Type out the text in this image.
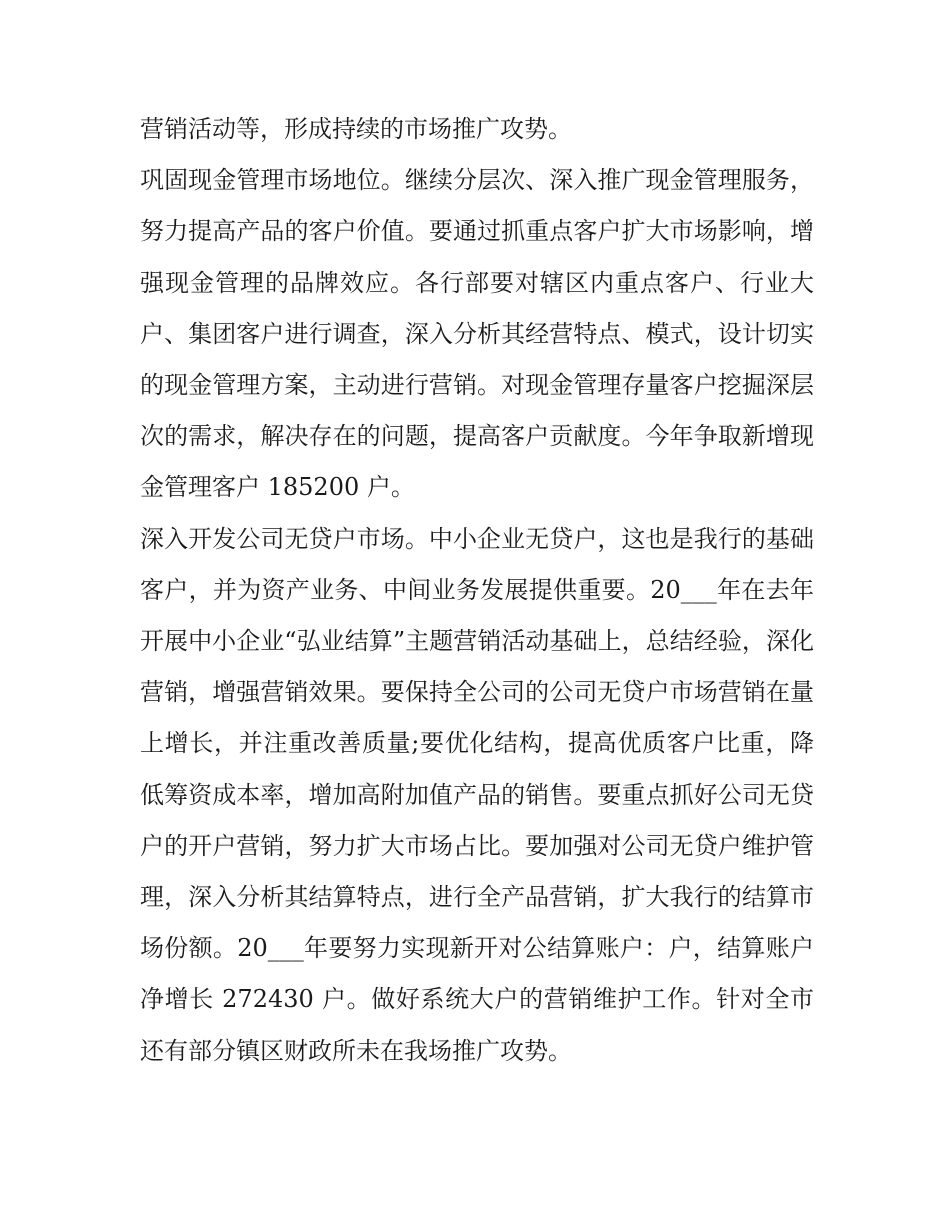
营销活动等，形成持续的市场推广攻势。

巩固现金管理市场地位。继续分层次、深入推广现金管理服务，努力提高产品的客户价值。要通过抓重点客户扩大市场影响，增强现金管理的品牌效应。各行部要对辖区内重点客户、行业大户、集团客户进行调查，深入分析其经营特点、模式，设计切实的现金管理方案，主动进行营销。对现金管理存量客户挖掘深层次的需求，解决存在的问题，提高客户贡献度。今年争取新增现金管理客户 185200 户。

深入开发公司无贷户市场。中小企业无贷户，这也是我行的基础客户，并为资产业务、中间业务发展提供重要。20___年在去年开展中小企业“弘业结算”主题营销活动基础上，总结经验，深化营销，增强营销效果。要保持全公司的公司无贷户市场营销在量上增长，并注重改善质量;要优化结构，提高优质客户比重，降低筹资成本率，增加高附加值产品的销售。要重点抓好公司无贷户的开户营销，努力扩大市场占比。要加强对公司无贷户维护管理，深入分析其结算特点，进行全产品营销，扩大我行的结算市场份额。20___年要努力实现新开对公结算账户：户，结算账户净增长 272430 户。做好系统大户的营销维护工作。针对全市还有部分镇区财政所未在我场推广攻势。
